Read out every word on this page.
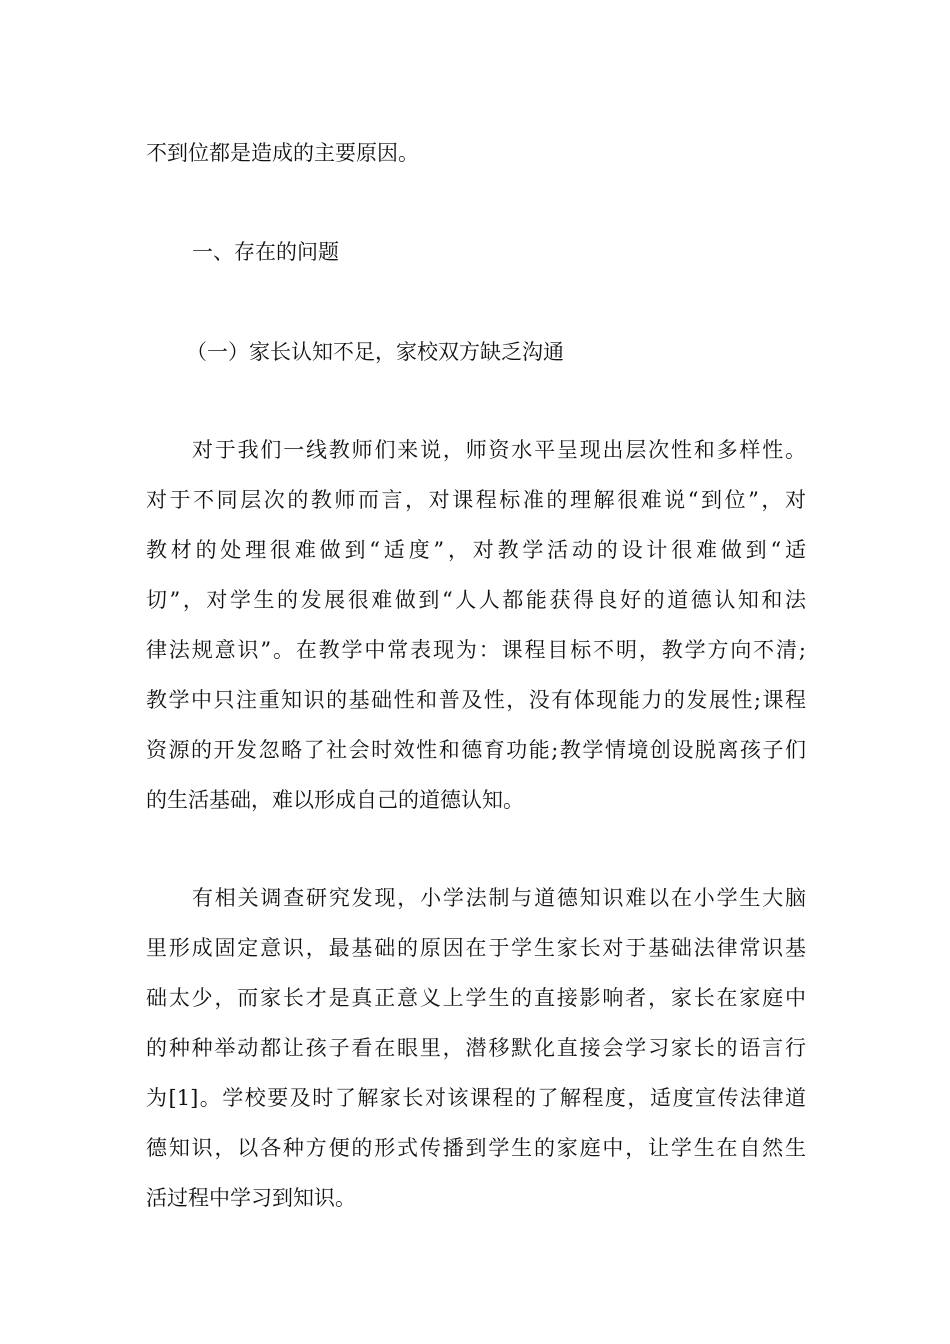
不到位都是造成的主要原因。
一、存在的问题
（一）家长认知不足，家校双方缺乏沟通
对于我们一线教师们来说，师资水平呈现出层次性和多样性。
对于不同层次的教师而言，对课程标准的理解很难说“到位”，对
教材的处理很难做到“适度”，对教学活动的设计很难做到“适
切”，对学生的发展很难做到“人人都能获得良好的道德认知和法
律法规意识”。在教学中常表现为：课程目标不明，教学方向不清;
教学中只注重知识的基础性和普及性，没有体现能力的发展性;课程
资源的开发忽略了社会时效性和德育功能;教学情境创设脱离孩子们
的生活基础，难以形成自己的道德认知。
有相关调查研究发现，小学法制与道德知识难以在小学生大脑
里形成固定意识，最基础的原因在于学生家长对于基础法律常识基
础太少，而家长才是真正意义上学生的直接影响者，家长在家庭中
的种种举动都让孩子看在眼里，潜移默化直接会学习家长的语言行
为[1]。学校要及时了解家长对该课程的了解程度，适度宣传法律道
德知识，以各种方便的形式传播到学生的家庭中，让学生在自然生
活过程中学习到知识。
